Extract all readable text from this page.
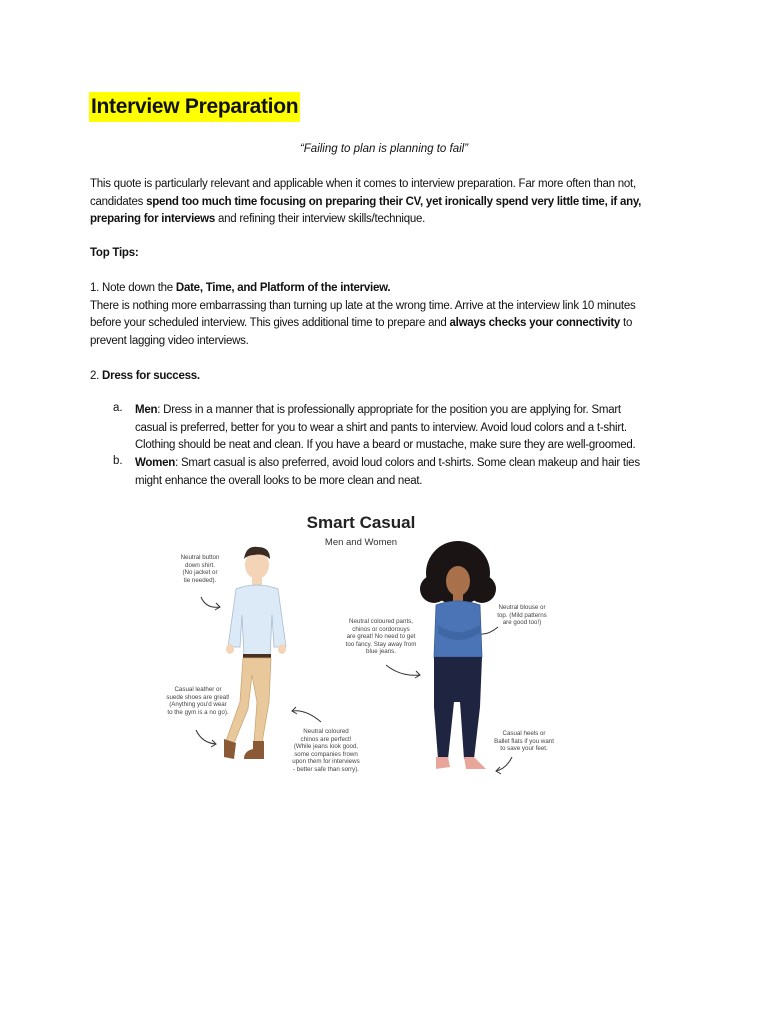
Interview Preparation
“Failing to plan is planning to fail”
This quote is particularly relevant and applicable when it comes to interview preparation. Far more often than not,
candidates spend too much time focusing on preparing their CV, yet ironically spend very little time, if any,
preparing for interviews and refining their interview skills/technique.
Top Tips:
1. Note down the Date, Time, and Platform of the interview.
There is nothing more embarrassing than turning up late at the wrong time. Arrive at the interview link 10 minutes
before your scheduled interview. This gives additional time to prepare and always checks your connectivity to
prevent lagging video interviews.
2. Dress for success.
a. Men: Dress in a manner that is professionally appropriate for the position you are applying for. Smart
casual is preferred, better for you to wear a shirt and pants to interview. Avoid loud colors and a t-shirt.
Clothing should be neat and clean. If you have a beard or mustache, make sure they are well-groomed.
b. Women: Smart casual is also preferred, avoid loud colors and t-shirts. Some clean makeup and hair ties
might enhance the overall looks to be more clean and neat.
Smart Casual
Men and Women
Neutral button
down shirt.
(No jacket or
tie needed).
Casual leather or
suede shoes are great!
(Anything you'd wear
to the gym is a no go).
Neutral coloured
chinos are perfect!
(While jeans look good,
some companies frown
upon them for interviews
- better safe than sorry).
Neutral coloured pants,
chinos or cordorouys
are great! No need to get
too fancy. Stay away from
blue jeans.
Neutral blouse or
top. (Mild patterns
are good too!)
Casual heels or
Ballet flats if you want
to save your feet.
